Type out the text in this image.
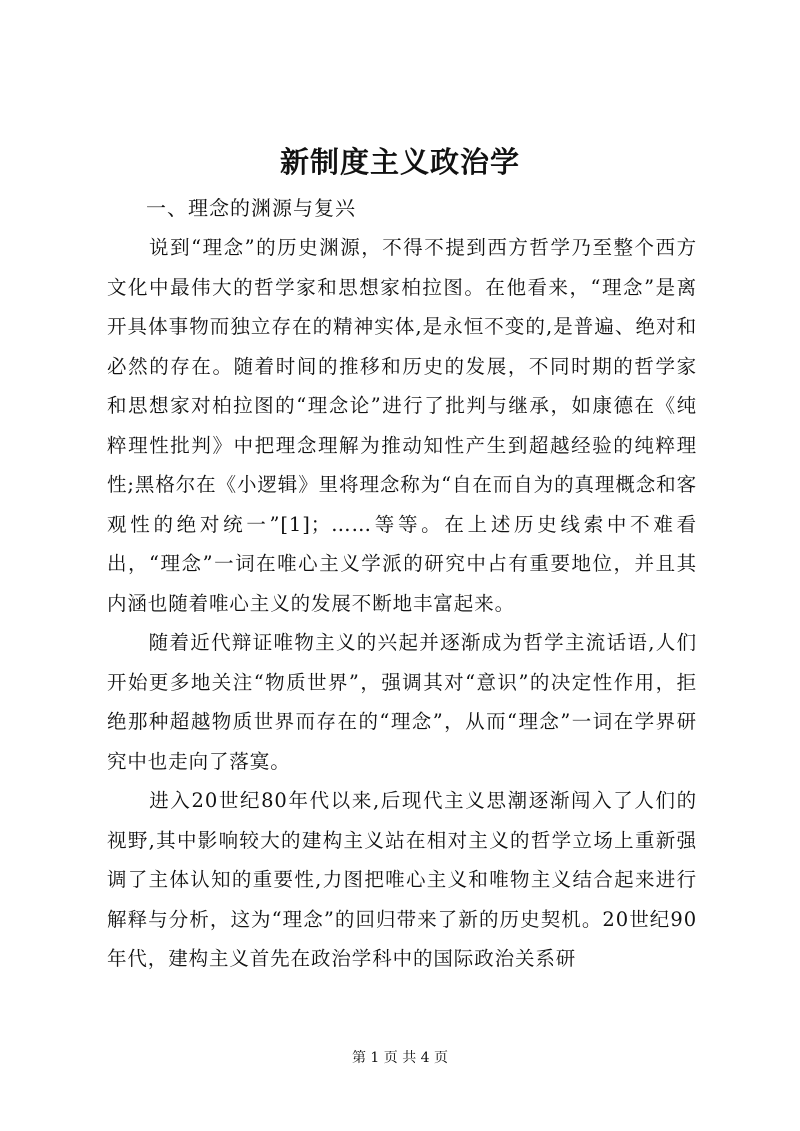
新制度主义政治学
一、理念的渊源与复兴

　　说到“理念”的历史渊源，不得不提到西方哲学乃至整个西方文化中最伟大的哲学家和思想家柏拉图。在他看来，“理念”是离开具体事物而独立存在的精神实体,是永恒不变的,是普遍、绝对和必然的存在。随着时间的推移和历史的发展，不同时期的哲学家和思想家对柏拉图的“理念论”进行了批判与继承，如康德在《纯粹理性批判》中把理念理解为推动知性产生到超越经验的纯粹理性;黑格尔在《小逻辑》里将理念称为“自在而自为的真理概念和客观性的绝对统一”[1]；……等等。在上述历史线索中不难看出，“理念”一词在唯心主义学派的研究中占有重要地位，并且其内涵也随着唯心主义的发展不断地丰富起来。

　　随着近代辩证唯物主义的兴起并逐渐成为哲学主流话语,人们开始更多地关注“物质世界”，强调其对“意识”的决定性作用，拒绝那种超越物质世界而存在的“理念”，从而“理念”一词在学界研究中也走向了落寞。

　　进入20世纪80年代以来,后现代主义思潮逐渐闯入了人们的视野,其中影响较大的建构主义站在相对主义的哲学立场上重新强调了主体认知的重要性,力图把唯心主义和唯物主义结合起来进行解释与分析，这为“理念”的回归带来了新的历史契机。20世纪90年代，建构主义首先在政治学科中的国际政治关系研

第 1 页 共 4 页
